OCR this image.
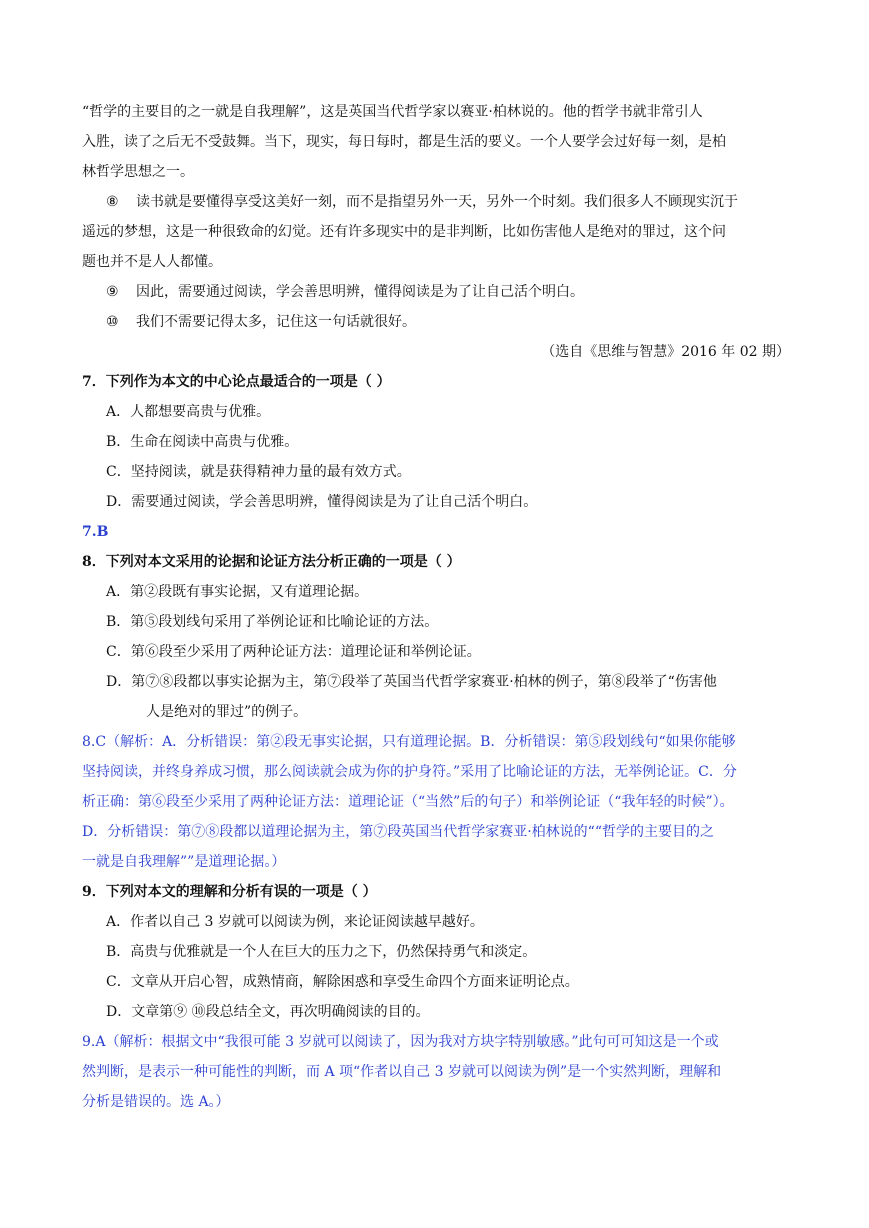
“哲学的主要目的之一就是自我理解”，这是英国当代哲学家以赛亚·柏林说的。他的哲学书就非常引人

入胜，读了之后无不受鼓舞。当下，现实，每日每时，都是生活的要义。一个人要学会过好每一刻，是柏

林哲学思想之一。

⑧ 读书就是要懂得享受这美好一刻，而不是指望另外一天，另外一个时刻。我们很多人不顾现实沉于

遥远的梦想，这是一种很致命的幻觉。还有许多现实中的是非判断，比如伤害他人是绝对的罪过，这个问

题也并不是人人都懂。

⑨ 因此，需要通过阅读，学会善思明辨，懂得阅读是为了让自己活个明白。

⑩ 我们不需要记得太多，记住这一句话就很好。

（选自《思维与智慧》2016 年 02 期）

7．下列作为本文的中心论点最适合的一项是（ ）

A．人都想要高贵与优雅。

B．生命在阅读中高贵与优雅。

C．坚持阅读，就是获得精神力量的最有效方式。

D．需要通过阅读，学会善思明辨，懂得阅读是为了让自己活个明白。

7.B

8．下列对本文采用的论据和论证方法分析正确的一项是（ ）

A．第②段既有事实论据，又有道理论据。

B．第⑤段划线句采用了举例论证和比喻论证的方法。

C．第⑥段至少采用了两种论证方法：道理论证和举例论证。

D．第⑦⑧段都以事实论据为主，第⑦段举了英国当代哲学家赛亚·柏林的例子，第⑧段举了“伤害他

人是绝对的罪过”的例子。

8.C（解析：A．分析错误：第②段无事实论据，只有道理论据。B．分析错误：第⑤段划线句“如果你能够

坚持阅读，并终身养成习惯，那么阅读就会成为你的护身符。”采用了比喻论证的方法，无举例论证。C．分

析正确：第⑥段至少采用了两种论证方法：道理论证（“当然”后的句子）和举例论证（“我年轻的时候”）。

D．分析错误：第⑦⑧段都以道理论据为主，第⑦段英国当代哲学家赛亚·柏林说的““哲学的主要目的之

一就是自我理解””是道理论据。）

9．下列对本文的理解和分析有误的一项是（ ）

A．作者以自己 3 岁就可以阅读为例，来论证阅读越早越好。

B．高贵与优雅就是一个人在巨大的压力之下，仍然保持勇气和淡定。

C．文章从开启心智，成熟情商，解除困惑和享受生命四个方面来证明论点。

D．文章第⑨ ⑩段总结全文，再次明确阅读的目的。

9.A（解析：根据文中“我很可能 3 岁就可以阅读了，因为我对方块字特别敏感。”此句可可知这是一个或

然判断，是表示一种可能性的判断，而 A 项“作者以自己 3 岁就可以阅读为例”是一个实然判断，理解和

分析是错误的。选 A。）
